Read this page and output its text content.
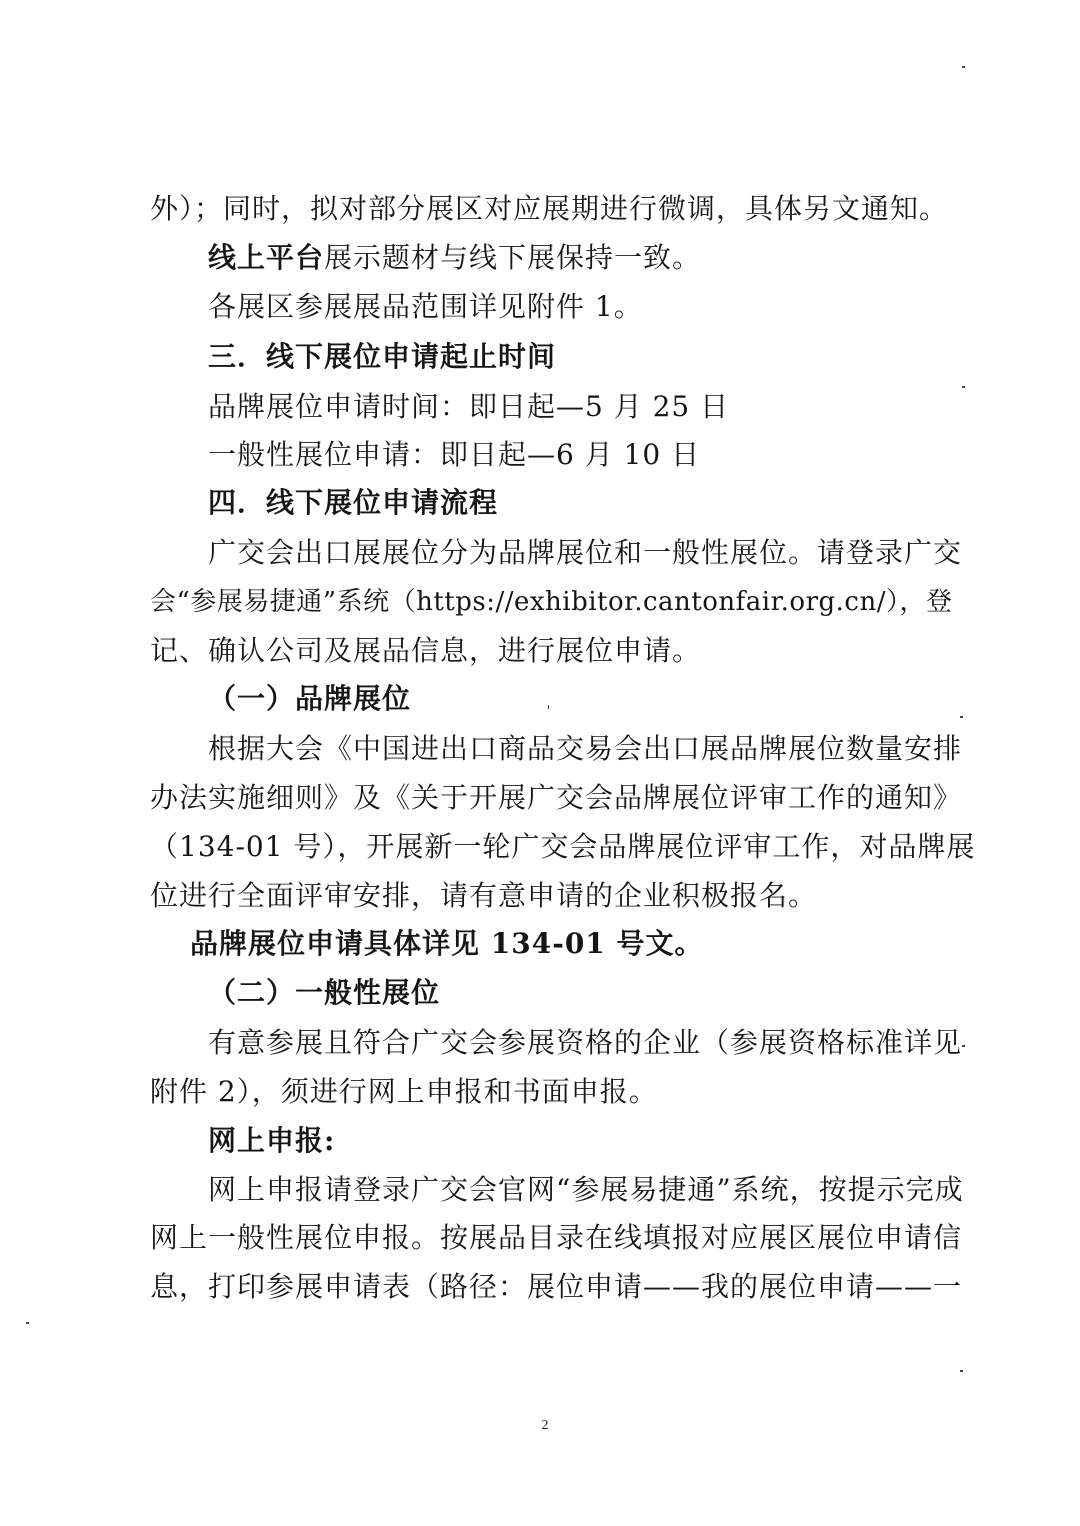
外）；同时，拟对部分展区对应展期进行微调，具体另文通知。

线上平台展示题材与线下展保持一致。

各展区参展展品范围详见附件 1。

三．线下展位申请起止时间

品牌展位申请时间：即日起—5 月 25 日

一般性展位申请：即日起—6 月 10 日

四．线下展位申请流程

广交会出口展展位分为品牌展位和一般性展位。请登录广交

会“参展易捷通”系统（https://exhibitor.cantonfair.org.cn/），登

记、确认公司及展品信息，进行展位申请。

（一）品牌展位

根据大会《中国进出口商品交易会出口展品牌展位数量安排

办法实施细则》及《关于开展广交会品牌展位评审工作的通知》

（134-01 号），开展新一轮广交会品牌展位评审工作，对品牌展

位进行全面评审安排，请有意申请的企业积极报名。

品牌展位申请具体详见 134-01 号文。

（二）一般性展位

有意参展且符合广交会参展资格的企业（参展资格标准详见

附件 2），须进行网上申报和书面申报。

网上申报:

网上申报请登录广交会官网“参展易捷通”系统，按提示完成

网上一般性展位申报。按展品目录在线填报对应展区展位申请信

息，打印参展申请表（路径：展位申请——我的展位申请——一

2
